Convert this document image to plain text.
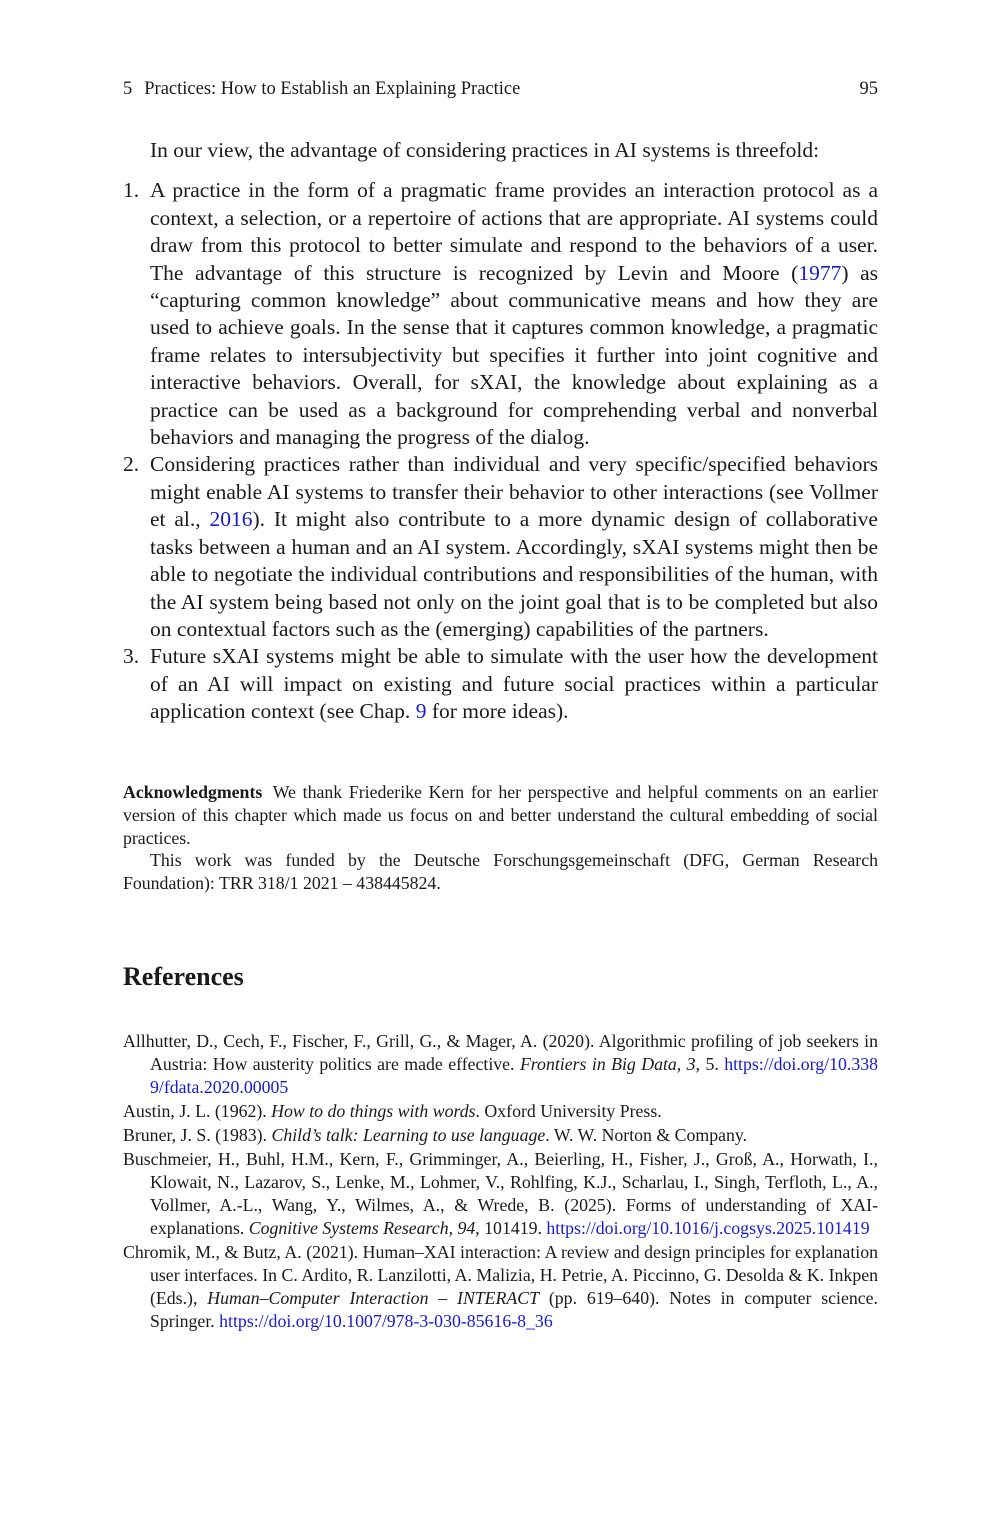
5 Practices: How to Establish an Explaining Practice	95

In our view, the advantage of considering practices in AI systems is threefold:

1. A practice in the form of a pragmatic frame provides an interaction protocol as a context, a selection, or a repertoire of actions that are appropriate. AI systems could draw from this protocol to better simulate and respond to the behaviors of a user. The advantage of this structure is recognized by Levin and Moore (1977) as “capturing common knowledge” about communicative means and how they are used to achieve goals. In the sense that it captures common knowledge, a pragmatic frame relates to intersubjectivity but specifies it further into joint cognitive and interactive behaviors. Overall, for sXAI, the knowledge about explaining as a practice can be used as a background for comprehending verbal and nonverbal behaviors and managing the progress of the dialog.
2. Considering practices rather than individual and very specific/specified behaviors might enable AI systems to transfer their behavior to other interactions (see Vollmer et al., 2016). It might also contribute to a more dynamic design of collaborative tasks between a human and an AI system. Accordingly, sXAI systems might then be able to negotiate the individual contributions and responsibilities of the human, with the AI system being based not only on the joint goal that is to be completed but also on contextual factors such as the (emerging) capabilities of the partners.
3. Future sXAI systems might be able to simulate with the user how the development of an AI will impact on existing and future social practices within a particular application context (see Chap. 9 for more ideas).

Acknowledgments We thank Friederike Kern for her perspective and helpful comments on an earlier version of this chapter which made us focus on and better understand the cultural embedding of social practices.

This work was funded by the Deutsche Forschungsgemeinschaft (DFG, German Research Foundation): TRR 318/1 2021 – 438445824.

References

Allhutter, D., Cech, F., Fischer, F., Grill, G., & Mager, A. (2020). Algorithmic profiling of job seekers in Austria: How austerity politics are made effective. Frontiers in Big Data, 3, 5. https://doi.org/10.3389/fdata.2020.00005

Austin, J. L. (1962). How to do things with words. Oxford University Press.

Bruner, J. S. (1983). Child’s talk: Learning to use language. W. W. Norton & Company.

Buschmeier, H., Buhl, H.M., Kern, F., Grimminger, A., Beierling, H., Fisher, J., Groß, A., Horwath, I., Klowait, N., Lazarov, S., Lenke, M., Lohmer, V., Rohlfing, K.J., Scharlau, I., Singh, Terfloth, L., A., Vollmer, A.-L., Wang, Y., Wilmes, A., & Wrede, B. (2025). Forms of understanding of XAI-explanations. Cognitive Systems Research, 94, 101419. https://doi.org/10.1016/j.cogsys.2025.101419

Chromik, M., & Butz, A. (2021). Human–XAI interaction: A review and design principles for explanation user interfaces. In C. Ardito, R. Lanzilotti, A. Malizia, H. Petrie, A. Piccinno, G. Desolda & K. Inkpen (Eds.), Human–Computer Interaction – INTERACT (pp. 619–640). Notes in computer science. Springer. https://doi.org/10.1007/978-3-030-85616-8_36
